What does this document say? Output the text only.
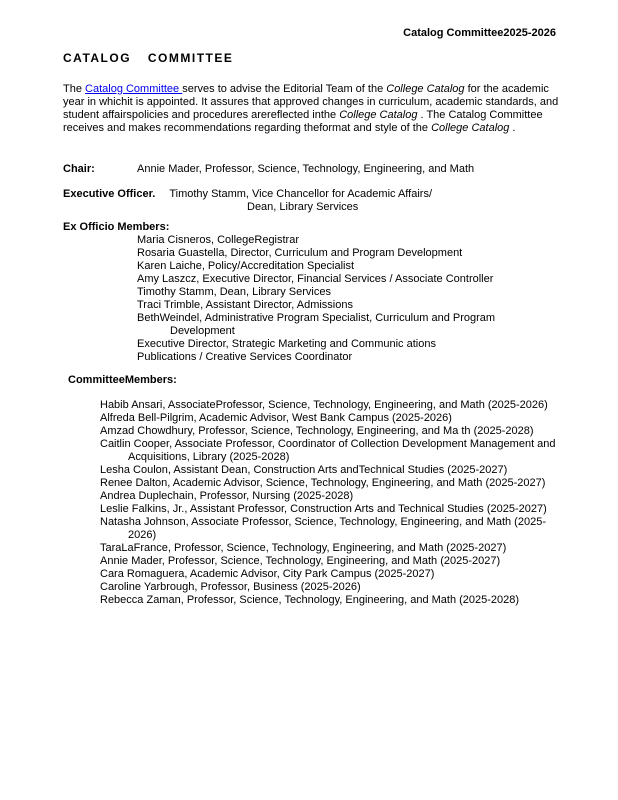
Catalog Committee2025-2026
CATALOG COMMITTEE
The Catalog Committee serves to advise the Editorial Team of the College Catalog for the academic year in whichit is appointed. It assures that approved changes in curriculum, academic standards, and student affairspolicies and procedures arereflected inthe College Catalog . The Catalog Committee receives and makes recommendations regarding theformat and style of the College Catalog .
Chair:	Annie Mader, Professor, Science, Technology, Engineering, and Math
Executive Officer. Timothy Stamm, Vice Chancellor for Academic Affairs/
Dean, Library Services
Ex Officio Members:
Maria Cisneros, CollegeRegistrar
Rosaria Guastella, Director, Curriculum and Program Development
Karen Laiche, Policy/Accreditation Specialist
Amy Laszcz, Executive Director, Financial Services / Associate Controller
Timothy Stamm, Dean, Library Services
Traci Trimble, Assistant Director, Admissions
BethWeindel, Administrative Program Specialist, Curriculum and Program Development
Executive Director, Strategic Marketing and Communic ations
Publications / Creative Services Coordinator
CommitteeMembers:
Habib Ansari, AssociateProfessor, Science, Technology, Engineering, and Math (2025-2026)
Alfreda Bell-Pilgrim, Academic Advisor, West Bank Campus (2025-2026)
Amzad Chowdhury, Professor, Science, Technology, Engineering, and Ma th (2025-2028)
Caitlin Cooper, Associate Professor, Coordinator of Collection Development Management and Acquisitions, Library (2025-2028)
Lesha Coulon, Assistant Dean, Construction Arts andTechnical Studies (2025-2027)
Renee Dalton, Academic Advisor, Science, Technology, Engineering, and Math (2025-2027)
Andrea Duplechain, Professor, Nursing (2025-2028)
Leslie Falkins, Jr., Assistant Professor, Construction Arts and Technical Studies (2025-2027)
Natasha Johnson, Associate Professor, Science, Technology, Engineering, and Math (2025-2026)
TaraLaFrance, Professor, Science, Technology, Engineering, and Math (2025-2027)
Annie Mader, Professor, Science, Technology, Engineering, and Math (2025-2027)
Cara Romaguera, Academic Advisor, City Park Campus (2025-2027)
Caroline Yarbrough, Professor, Business (2025-2026)
Rebecca Zaman, Professor, Science, Technology, Engineering, and Math (2025-2028)
